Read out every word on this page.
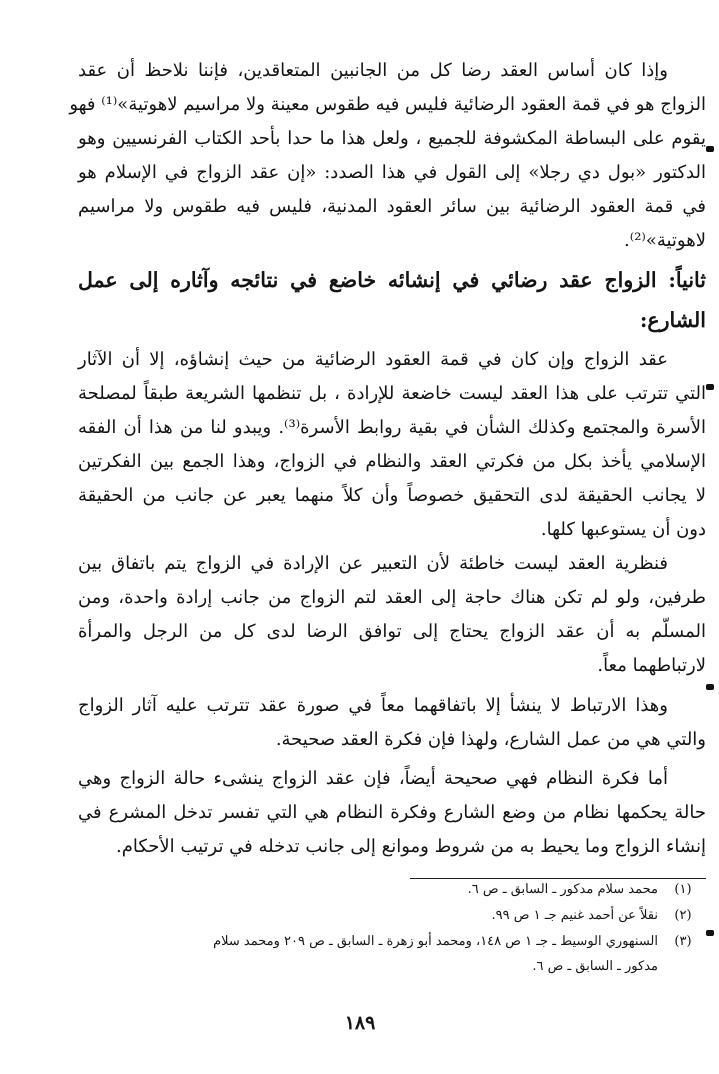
وإذا كان أساس العقد رضا كل من الجانبين المتعاقدين، فإننا نلاحظ أن عقد
الزواج هو في قمة العقود الرضائية فليس فيه طقوس معينة ولا مراسيم لاهوتية»⁽¹⁾ فهو
يقوم على البساطة المكشوفة للجميع ، ولعل هذا ما حدا بأحد الكتاب الفرنسيين وهو
الدكتور «بول دي رجلا» إلى القول في هذا الصدد: «إن عقد الزواج في الإسلام هو
في قمة العقود الرضائية بين سائر العقود المدنية، فليس فيه طقوس ولا مراسيم
لاهوتية»⁽²⁾.
ثانياً: الزواج عقد رضائي في إنشائه خاضع في نتائجه وآثاره إلى عمل
الشارع:
عقد الزواج وإن كان في قمة العقود الرضائية من حيث إنشاؤه، إلا أن الآثار
التي تترتب على هذا العقد ليست خاضعة للإرادة ، بل تنظمها الشريعة طبقاً لمصلحة
الأسرة والمجتمع وكذلك الشأن في بقية روابط الأسرة⁽³⁾. ويبدو لنا من هذا أن الفقه
الإسلامي يأخذ بكل من فكرتي العقد والنظام في الزواج، وهذا الجمع بين الفكرتين
لا يجانب الحقيقة لدى التحقيق خصوصاً وأن كلاً منهما يعبر عن جانب من الحقيقة
دون أن يستوعبها كلها.
فنظرية العقد ليست خاطئة لأن التعبير عن الإرادة في الزواج يتم باتفاق بين
طرفين، ولو لم تكن هناك حاجة إلى العقد لتم الزواج من جانب إرادة واحدة، ومن
المسلّم به أن عقد الزواج يحتاج إلى توافق الرضا لدى كل من الرجل والمرأة
لارتباطهما معاً.
وهذا الارتباط لا ينشأ إلا باتفاقهما معاً في صورة عقد تترتب عليه آثار الزواج
والتي هي من عمل الشارع، ولهذا فإن فكرة العقد صحيحة.
أما فكرة النظام فهي صحيحة أيضاً، فإن عقد الزواج ينشىء حالة الزواج وهي
حالة يحكمها نظام من وضع الشارع وفكرة النظام هي التي تفسر تدخل المشرع في
إنشاء الزواج وما يحيط به من شروط وموانع إلى جانب تدخله في ترتيب الأحكام.
(١)
محمد سلام مدكور ـ السابق ـ ص ٦.
(٢)
نقلاً عن أحمد غنيم جـ ١ ص ٩٩.
(٣)
السنهوري الوسيط ـ جـ ١ ص ١٤٨، ومحمد أبو زهرة ـ السابق ـ ص ٢٠٩ ومحمد سلام
مدكور ـ السابق ـ ص ٦.
١٨٩
